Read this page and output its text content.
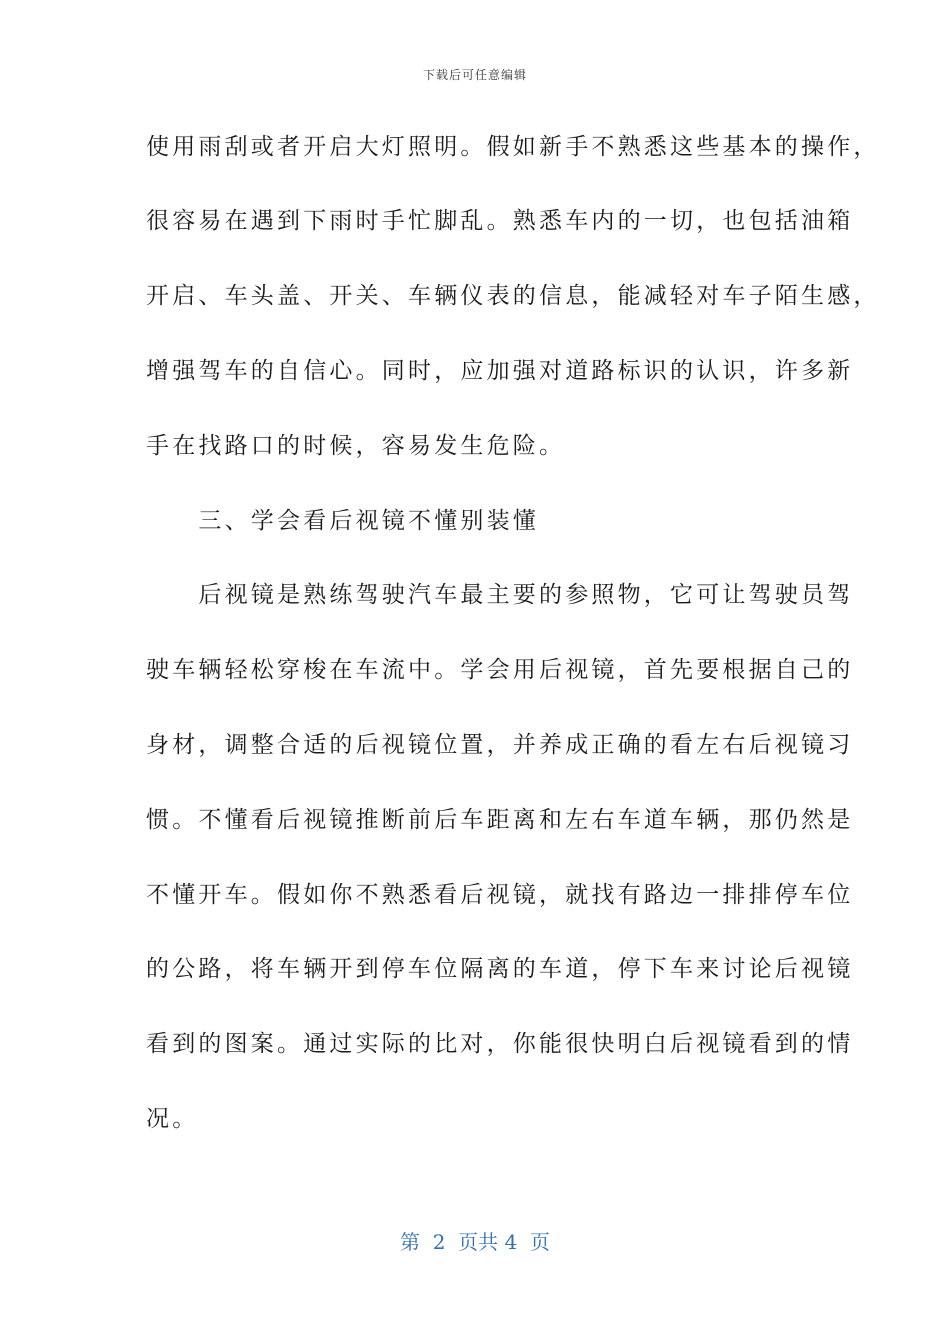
下载后可任意编辑
使用雨刮或者开启大灯照明。假如新手不熟悉这些基本的操作，
很容易在遇到下雨时手忙脚乱。熟悉车内的一切，也包括油箱
开启、车头盖、开关、车辆仪表的信息，能减轻对车子陌生感，
增强驾车的自信心。同时，应加强对道路标识的认识，许多新
手在找路口的时候，容易发生危险。
　　三、学会看后视镜不懂别装懂
　　后视镜是熟练驾驶汽车最主要的参照物，它可让驾驶员驾
驶车辆轻松穿梭在车流中。学会用后视镜，首先要根据自己的
身材，调整合适的后视镜位置，并养成正确的看左右后视镜习
惯。不懂看后视镜推断前后车距离和左右车道车辆，那仍然是
不懂开车。假如你不熟悉看后视镜，就找有路边一排排停车位
的公路，将车辆开到停车位隔离的车道，停下车来讨论后视镜
看到的图案。通过实际的比对，你能很快明白后视镜看到的情
况。
第  2  页共 4  页
